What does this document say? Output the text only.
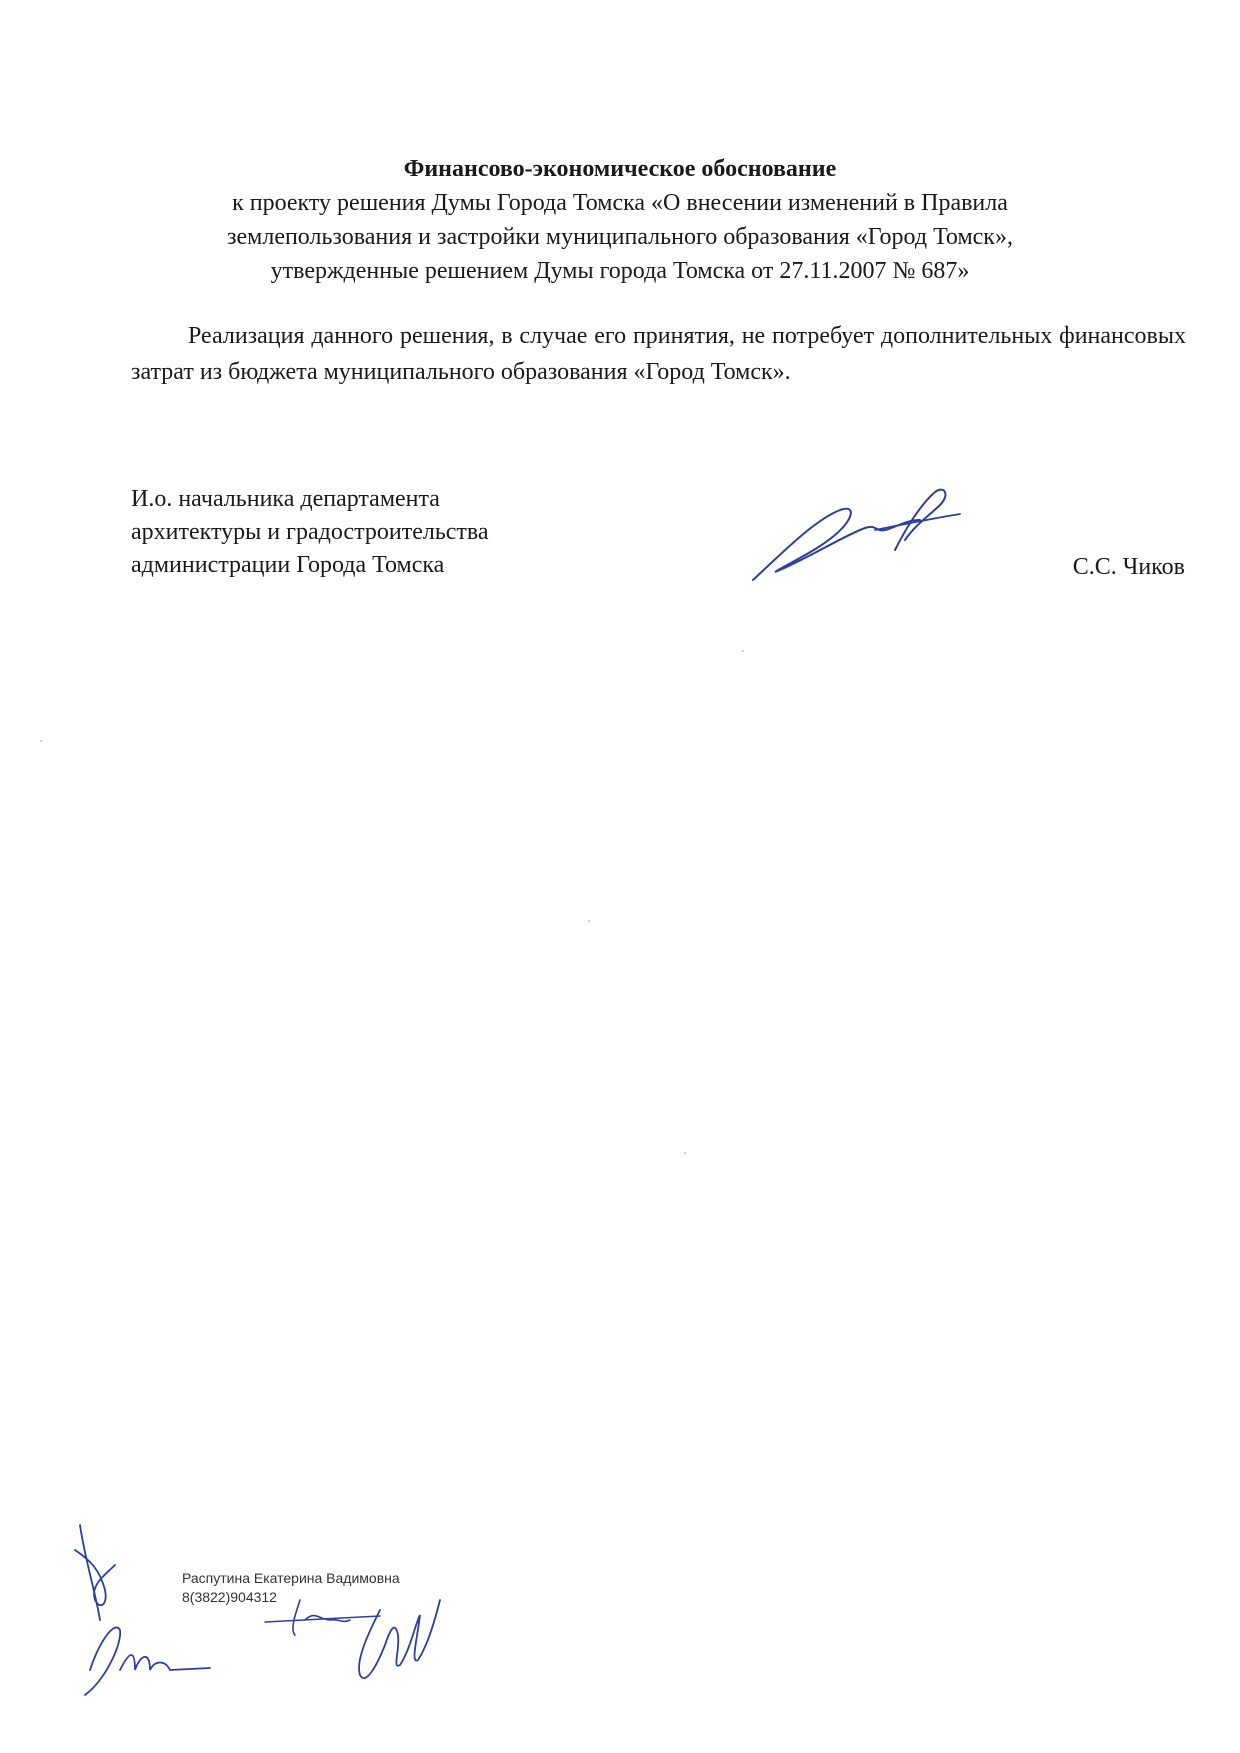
Финансово-экономическое обоснование
к проекту решения Думы Города Томска «О внесении изменений в Правила
землепользования и застройки муниципального образования «Город Томск»,
утвержденные решением Думы города Томска от 27.11.2007 № 687»
Реализация данного решения, в случае его принятия, не потребует дополнительных финансовых затрат из бюджета муниципального образования «Город Томск».
И.о. начальника департамента
архитектуры и градостроительства
администрации Города Томска	С.С. Чиков
Распутина Екатерина Вадимовна
8(3822)904312
